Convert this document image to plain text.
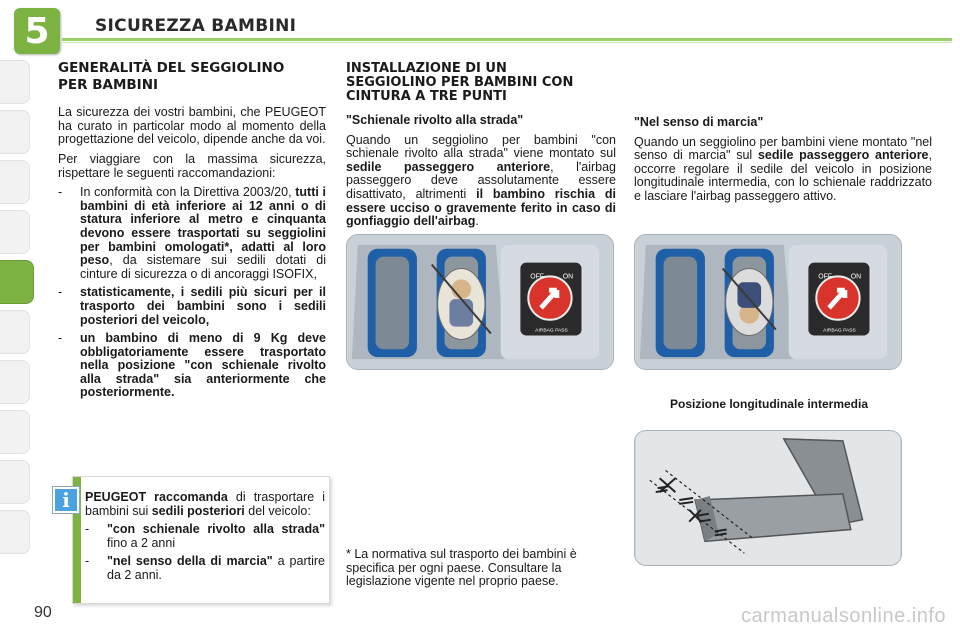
5	SICUREZZA BAMBINI
GENERALITÀ DEL SEGGIOLINO
PER BAMBINI

La sicurezza dei vostri bambini, che PEUGEOT ha curato in particolar modo al momento della progettazione del veicolo, dipende anche da voi.

Per viaggiare con la massima sicurezza, rispettare le seguenti raccomandazioni:

- In conformità con la Direttiva 2003/20, tutti i bambini di età inferiore ai 12 anni o di statura inferiore al metro e cinquanta devono essere trasportati su seggiolini per bambini omologati*, adatti al loro peso, da sistemare sui sedili dotati di cinture di sicurezza o di ancoraggi ISOFIX,
- statisticamente, i sedili più sicuri per il trasporto dei bambini sono i sedili posteriori del veicolo,
- un bambino di meno di 9 Kg deve obbligatoriamente essere trasportato nella posizione "con schienale rivolto alla strada" sia anteriormente che posteriormente.
i	PEUGEOT raccomanda di trasportare i bambini sui sedili posteriori del veicolo:

- "con schienale rivolto alla strada" fino a 2 anni
- "nel senso della di marcia" a partire da 2 anni.
INSTALLAZIONE DI UN SEGGIOLINO PER BAMBINI CON CINTURA A TRE PUNTI
"Schienale rivolto alla strada"

Quando un seggiolino per bambini "con schienale rivolto alla strada" viene montato sul sedile passeggero anteriore, l'airbag passeggero deve assolutamente essere disattivato, altrimenti il bambino rischia di essere ucciso o gravemente ferito in caso di gonfiaggio dell'airbag.

"Nel senso di marcia"

Quando un seggiolino per bambini viene montato "nel senso di marcia" sul sedile passeggero anteriore, occorre regolare il sedile del veicolo in posizione longitudinale intermedia, con lo schienale raddrizzato e lasciare l'airbag passeggero attivo.

OFF	ON
AIRBAG PASS
OFF	ON
AIRBAG PASS
Posizione longitudinale intermedia
* La normativa sul trasporto dei bambini è specifica per ogni paese. Consultare la legislazione vigente nel proprio paese.
90	carmanualsonline.info
